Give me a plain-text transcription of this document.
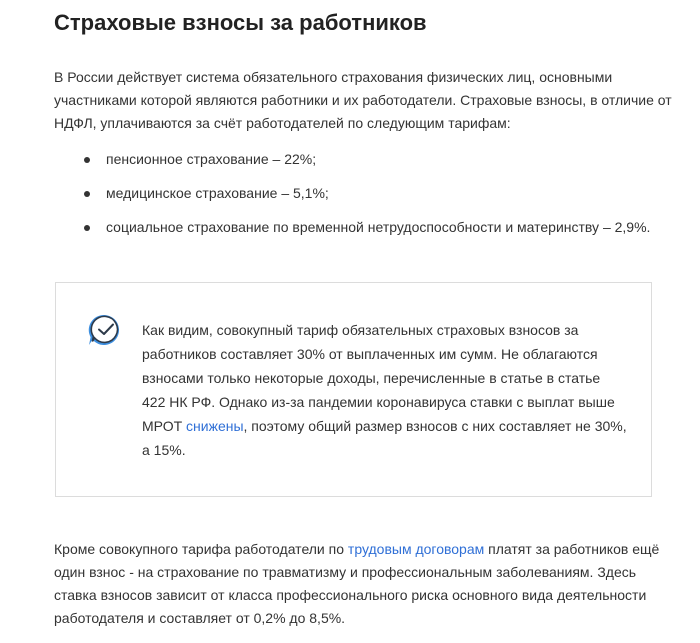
Страховые взносы за работников

В России действует система обязательного страхования физических лиц, основными участниками которой являются работники и их работодатели. Страховые взносы, в отличие от НДФЛ, уплачиваются за счёт работодателей по следующим тарифам:

пенсионное страхование – 22%;
медицинское страхование – 5,1%;
социальное страхование по временной нетрудоспособности и материнству – 2,9%.

Как видим, совокупный тариф обязательных страховых взносов за работников составляет 30% от выплаченных им сумм. Не облагаются взносами только некоторые доходы, перечисленные в статье в статье 422 НК РФ. Однако из-за пандемии коронавируса ставки с выплат выше МРОТ снижены, поэтому общий размер взносов с них составляет не 30%, а 15%.

Кроме совокупного тарифа работодатели по трудовым договорам платят за работников ещё один взнос - на страхование по травматизму и профессиональным заболеваниям. Здесь ставка взносов зависит от класса профессионального риска основного вида деятельности работодателя и составляет от 0,2% до 8,5%.
